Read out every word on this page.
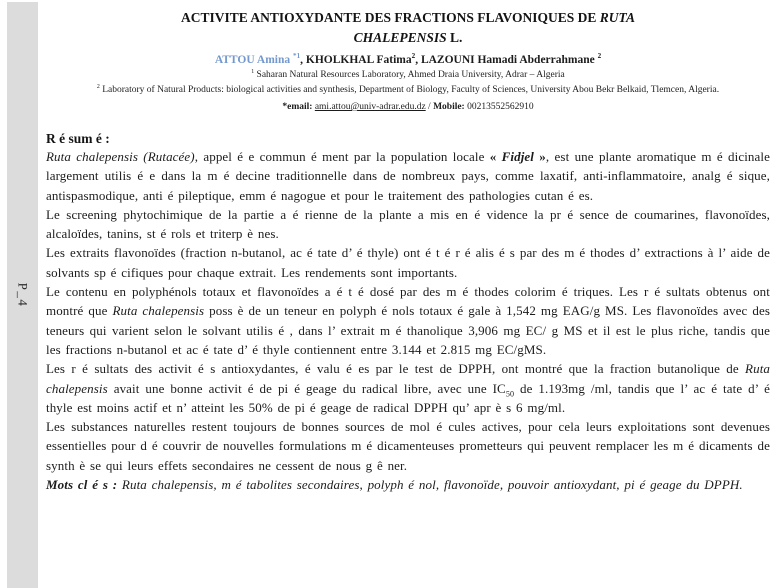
P_4
ACTIVITE ANTIOXYDANTE DES FRACTIONS FLAVONIQUES DE RUTA
CHALEPENSIS L.
ATTOU Amina $^{*1}$, KHOLKHAL Fatima$^2$, LAZOUNI Hamadi Abderrahmane $^2$
$^1$ Saharan Natural Resources Laboratory, Ahmed Draia University, Adrar – Algeria
$^2$ Laboratory of Natural Products: biological activities and synthesis, Department of Biology, Faculty of Sciences, University Abou Bekr Belkaid, Tlemcen, Algeria.
*email: ami.attou@univ-adrar.edu.dz / Mobile: 00213552562910
R é sum é :

Ruta chalepensis (Rutacée), appel é e commun é ment par la population locale « Fidjel », est une plante aromatique m é dicinale largement utilis é e dans la m é decine traditionnelle dans de nombreux pays, comme laxatif, anti-inflammatoire, analg é sique, antispasmodique, anti é pileptique, emm é nagogue et pour le traitement des pathologies cutan é es.

Le screening phytochimique de la partie a é rienne de la plante a mis en é vidence la pr é sence de coumarines, flavonoïdes, alcaloïdes, tanins, st é rols et triterp è nes.

Les extraits flavonoïdes (fraction n-butanol, ac é tate d’ é thyle) ont é t é r é alis é s par des m é thodes d’ extractions à l’ aide de solvants sp é cifiques pour chaque extrait. Les rendements sont importants.

Le contenu en polyphénols totaux et flavonoïdes a é t é dosé par des m é thodes colorim é triques. Les r é sultats obtenus ont montré que Ruta chalepensis poss è de un teneur en polyph é nols totaux é gale à 1,542 mg EAG/g MS. Les flavonoïdes avec des teneurs qui varient selon le solvant utilis é , dans l’ extrait m é thanolique 3,906 mg EC/ g MS et il est le plus riche, tandis que les fractions n-butanol et ac é tate d’ é thyle contiennent entre 3.144 et 2.815 mg EC/gMS.

Les r é sultats des activit é s antioxydantes, é valu é es par le test de DPPH, ont montré que la fraction butanolique de Ruta chalepensis avait une bonne activit é de pi é geage du radical libre, avec une $IC_{50}$ de 1.193mg /ml, tandis que l’ ac é tate d’ é thyle est moins actif et n’ atteint les 50% de pi é geage de radical DPPH qu’ apr è s 6 mg/ml.

Les substances naturelles restent toujours de bonnes sources de mol é cules actives, pour cela leurs exploitations sont devenues essentielles pour d é couvrir de nouvelles formulations m é dicamenteuses prometteurs qui peuvent remplacer les m é dicaments de synth è se qui leurs effets secondaires ne cessent de nous g ê ner.

Mots cl é s : Ruta chalepensis, m é tabolites secondaires, polyph é nol, flavonoïde, pouvoir antioxydant, pi é geage du DPPH.
